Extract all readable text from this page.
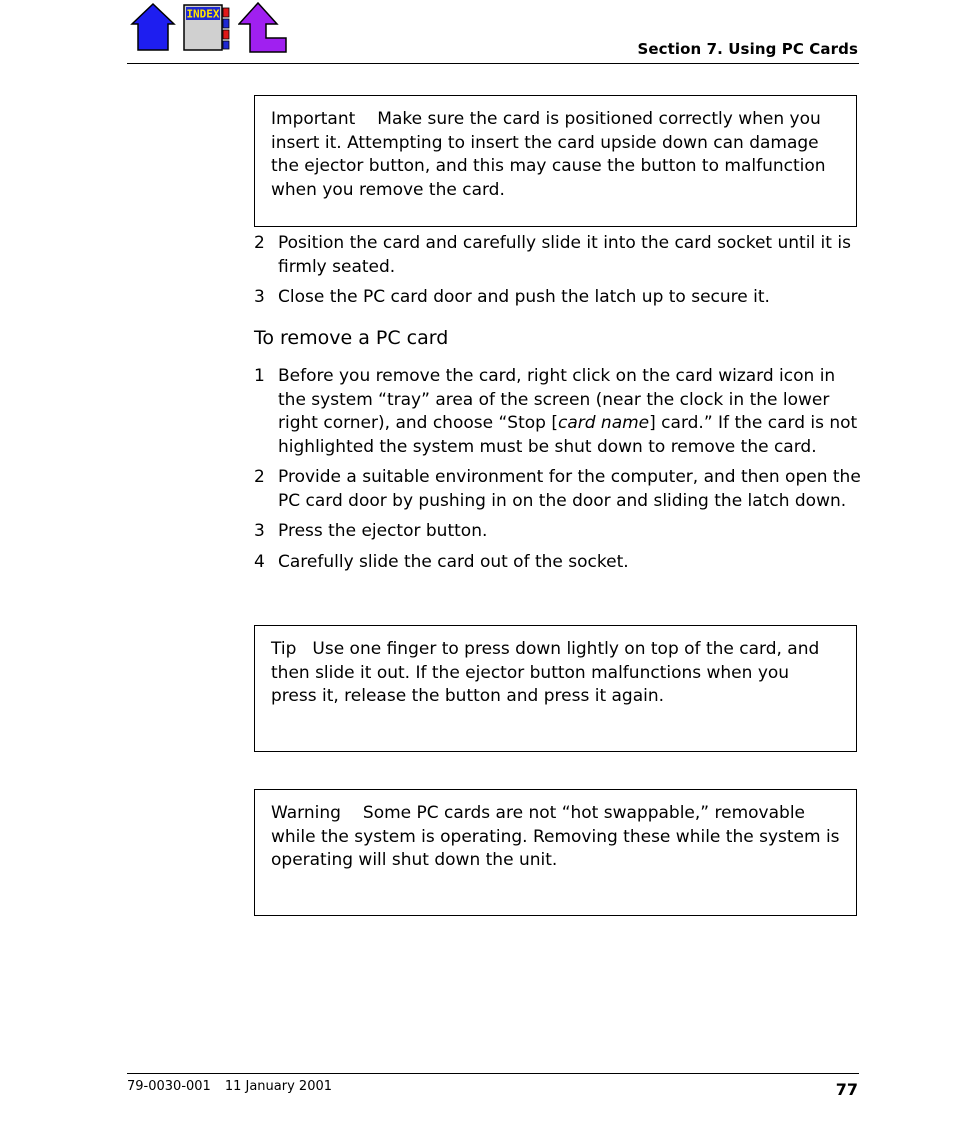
INDEX
Section 7. Using PC Cards
Important Make sure the card is positioned correctly when you insert it. Attempting to insert the card upside down can damage the ejector button, and this may cause the button to malfunction when you remove the card.
2 Position the card and carefully slide it into the card socket until it is firmly seated.
3 Close the PC card door and push the latch up to secure it.
To remove a PC card
1 Before you remove the card, right click on the card wizard icon in the system “tray” area of the screen (near the clock in the lower right corner), and choose “Stop [card name] card.” If the card is not highlighted the system must be shut down to remove the card.
2 Provide a suitable environment for the computer, and then open the PC card door by pushing in on the door and sliding the latch down.
3 Press the ejector button.
4 Carefully slide the card out of the socket.
Tip Use one finger to press down lightly on top of the card, and then slide it out. If the ejector button malfunctions when you press it, release the button and press it again.
Warning Some PC cards are not “hot swappable,” removable while the system is operating. Removing these while the system is operating will shut down the unit.
79-0030-001 11 January 2001	77
